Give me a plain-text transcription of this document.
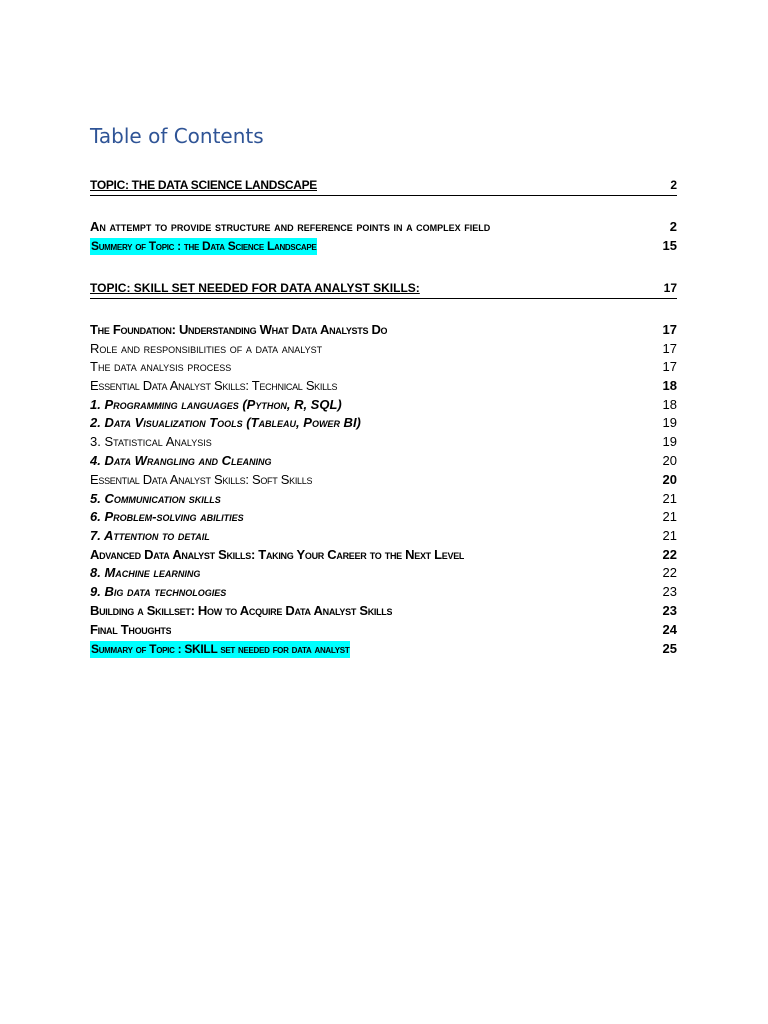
Table of Contents
TOPIC: THE DATA SCIENCE LANDSCAPE	2
An attempt to provide structure and reference points in a complex field	2
Summery of Topic : the Data Science Landscape	15
TOPIC: SKILL SET NEEDED FOR DATA ANALYST SKILLS:	17
The Foundation: Understanding What Data Analysts Do	17
Role and responsibilities of a data analyst	17
The data analysis process	17
Essential Data Analyst Skills: Technical Skills	18
1. Programming languages (Python, R, SQL)	18
2. Data Visualization Tools (Tableau, Power BI)	19
3. Statistical Analysis	19
4. Data Wrangling and Cleaning	20
Essential Data Analyst Skills: Soft Skills	20
5. Communication skills	21
6. Problem-solving abilities	21
7. Attention to detail	21
Advanced Data Analyst Skills: Taking Your Career to the Next Level	22
8. Machine learning	22
9. Big data technologies	23
Building a Skillset: How to Acquire Data Analyst Skills	23
Final Thoughts	24
Summary of Topic : SKILL set needed for data analyst	25
